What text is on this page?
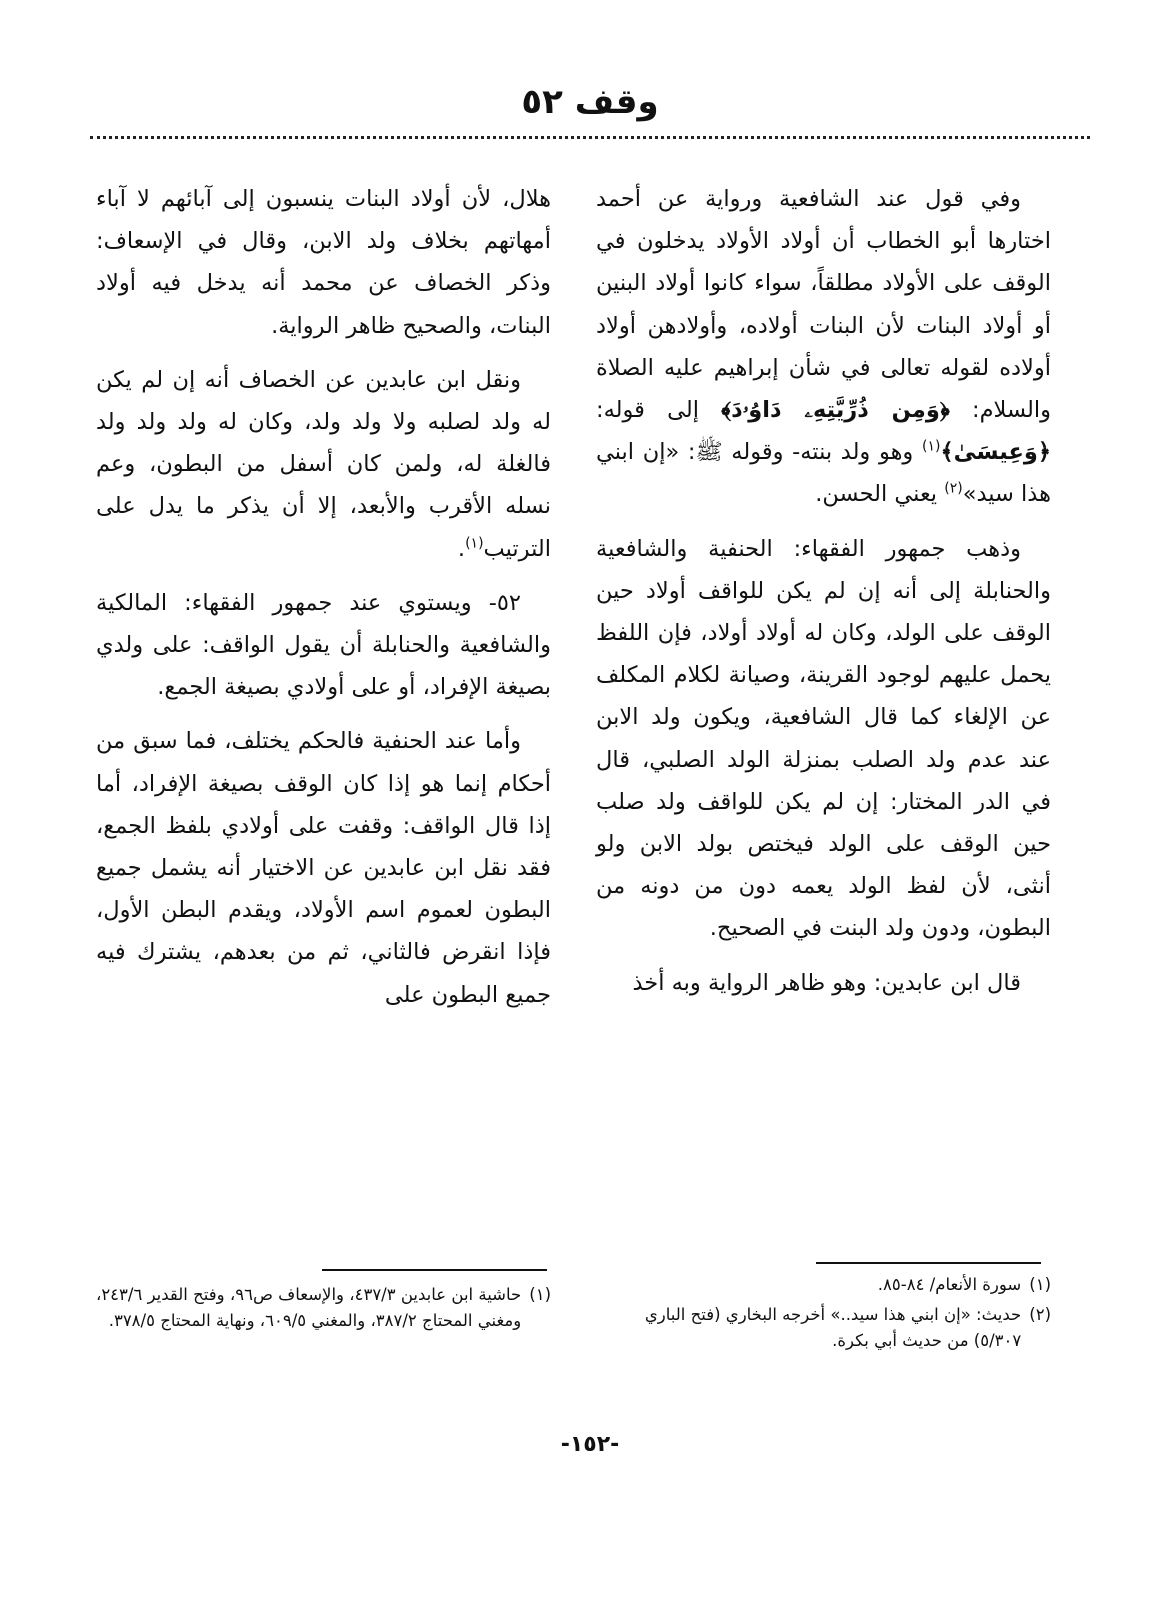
وقف ٥٢

وفي قول عند الشافعية ورواية عن أحمد اختارها أبو الخطاب أن أولاد الأولاد يدخلون في الوقف على الأولاد مطلقاً، سواء كانوا أولاد البنين أو أولاد البنات لأن البنات أولاده، وأولادهن أولاد أولاده لقوله تعالى في شأن إبراهيم عليه الصلاة والسلام: ﴿وَمِن ذُرِّيَّتِهِۦ دَاوُۥدَ﴾ إلى قوله: ﴿وَعِيسَىٰ﴾$^{(١)}$ وهو ولد بنته- وقوله ﷺ: «إن ابني هذا سيد»$^{(٢)}$ يعني الحسن.

وذهب جمهور الفقهاء: الحنفية والشافعية والحنابلة إلى أنه إن لم يكن للواقف أولاد حين الوقف على الولد، وكان له أولاد أولاد، فإن اللفظ يحمل عليهم لوجود القرينة، وصيانة لكلام المكلف عن الإلغاء كما قال الشافعية، ويكون ولد الابن عند عدم ولد الصلب بمنزلة الولد الصلبي، قال في الدر المختار: إن لم يكن للواقف ولد صلب حين الوقف على الولد فيختص بولد الابن ولو أنثى، لأن لفظ الولد يعمه دون من دونه من البطون، ودون ولد البنت في الصحيح.

قال ابن عابدين: وهو ظاهر الرواية وبه أخذ

هلال، لأن أولاد البنات ينسبون إلى آبائهم لا آباء أمهاتهم بخلاف ولد الابن، وقال في الإسعاف: وذكر الخصاف عن محمد أنه يدخل فيه أولاد البنات، والصحيح ظاهر الرواية.

ونقل ابن عابدين عن الخصاف أنه إن لم يكن له ولد لصلبه ولا ولد ولد، وكان له ولد ولد ولد فالغلة له، ولمن كان أسفل من البطون، وعم نسله الأقرب والأبعد، إلا أن يذكر ما يدل على الترتيب$^{(١)}$.

٥٢- ويستوي عند جمهور الفقهاء: المالكية والشافعية والحنابلة أن يقول الواقف: على ولدي بصيغة الإفراد، أو على أولادي بصيغة الجمع.

وأما عند الحنفية فالحكم يختلف، فما سبق من أحكام إنما هو إذا كان الوقف بصيغة الإفراد، أما إذا قال الواقف: وقفت على أولادي بلفظ الجمع، فقد نقل ابن عابدين عن الاختيار أنه يشمل جميع البطون لعموم اسم الأولاد، ويقدم البطن الأول، فإذا انقرض فالثاني، ثم من بعدهم، يشترك فيه جميع البطون على

(١)
سورة الأنعام/ ٨٤-٨٥.
(٢)
حديث: «إن ابني هذا سيد..» أخرجه البخاري (فتح الباري ٥/٣٠٧) من حديث أبي بكرة.
(١)
حاشية ابن عابدين ٤٣٧/٣، والإسعاف ص٩٦، وفتح القدير ٢٤٣/٦، ومغني المحتاج ٣٨٧/٢، والمغني ٦٠٩/٥، ونهاية المحتاج ٣٧٨/٥.
-١٥٢-
